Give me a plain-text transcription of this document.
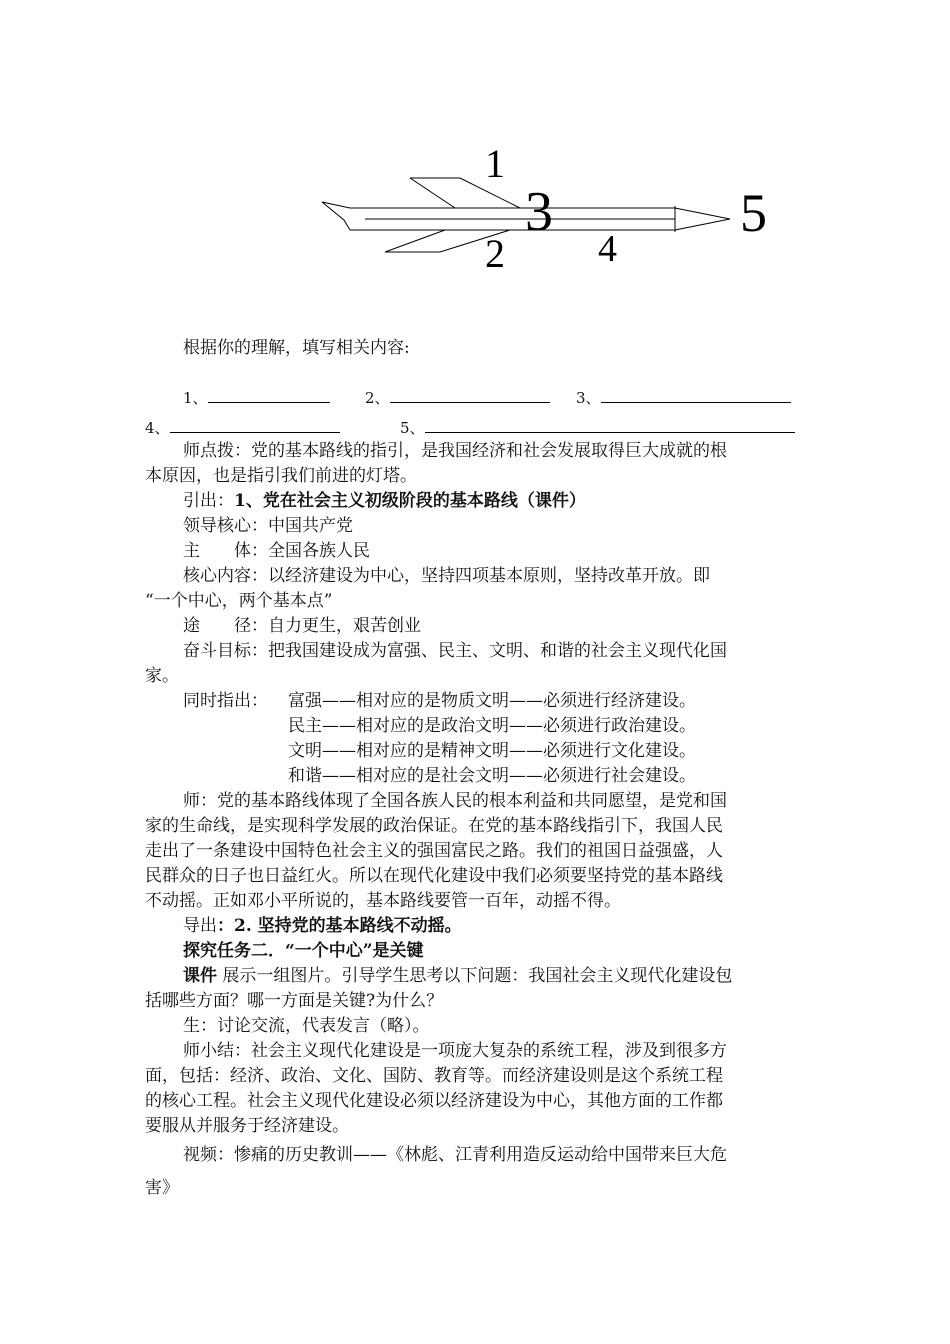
1
3	5
2 4
根据你的理解，填写相关内容:
1、	2、	3、
4、	5、
师点拨：党的基本路线的指引，是我国经济和社会发展取得巨大成就的根
本原因，也是指引我们前进的灯塔。
引出：1、党在社会主义初级阶段的基本路线（课件）
领导核心：中国共产党
主　　体：全国各族人民
核心内容：以经济建设为中心，坚持四项基本原则，坚持改革开放。即
“一个中心，两个基本点”
途　　径：自力更生，艰苦创业
奋斗目标：把我国建设成为富强、民主、文明、和谐的社会主义现代化国
家。
同时指出：	富强——相对应的是物质文明——必须进行经济建设。
民主——相对应的是政治文明——必须进行政治建设。
文明——相对应的是精神文明——必须进行文化建设。
和谐——相对应的是社会文明——必须进行社会建设。
师：党的基本路线体现了全国各族人民的根本利益和共同愿望，是党和国
家的生命线，是实现科学发展的政治保证。在党的基本路线指引下，我国人民
走出了一条建设中国特色社会主义的强国富民之路。我们的祖国日益强盛，人
民群众的日子也日益红火。所以在现代化建设中我们必须要坚持党的基本路线
不动摇。正如邓小平所说的，基本路线要管一百年，动摇不得。
导出：2. 坚持党的基本路线不动摇。
探究任务二．“一个中心”是关键
课件 展示一组图片。引导学生思考以下问题：我国社会主义现代化建设包
括哪些方面？哪一方面是关键?为什么？
生：讨论交流，代表发言（略）。
师小结：社会主义现代化建设是一项庞大复杂的系统工程，涉及到很多方
面，包括：经济、政治、文化、国防、教育等。而经济建设则是这个系统工程
的核心工程。社会主义现代化建设必须以经济建设为中心，其他方面的工作都
要服从并服务于经济建设。
视频：惨痛的历史教训——《林彪、江青利用造反运动给中国带来巨大危
害》
